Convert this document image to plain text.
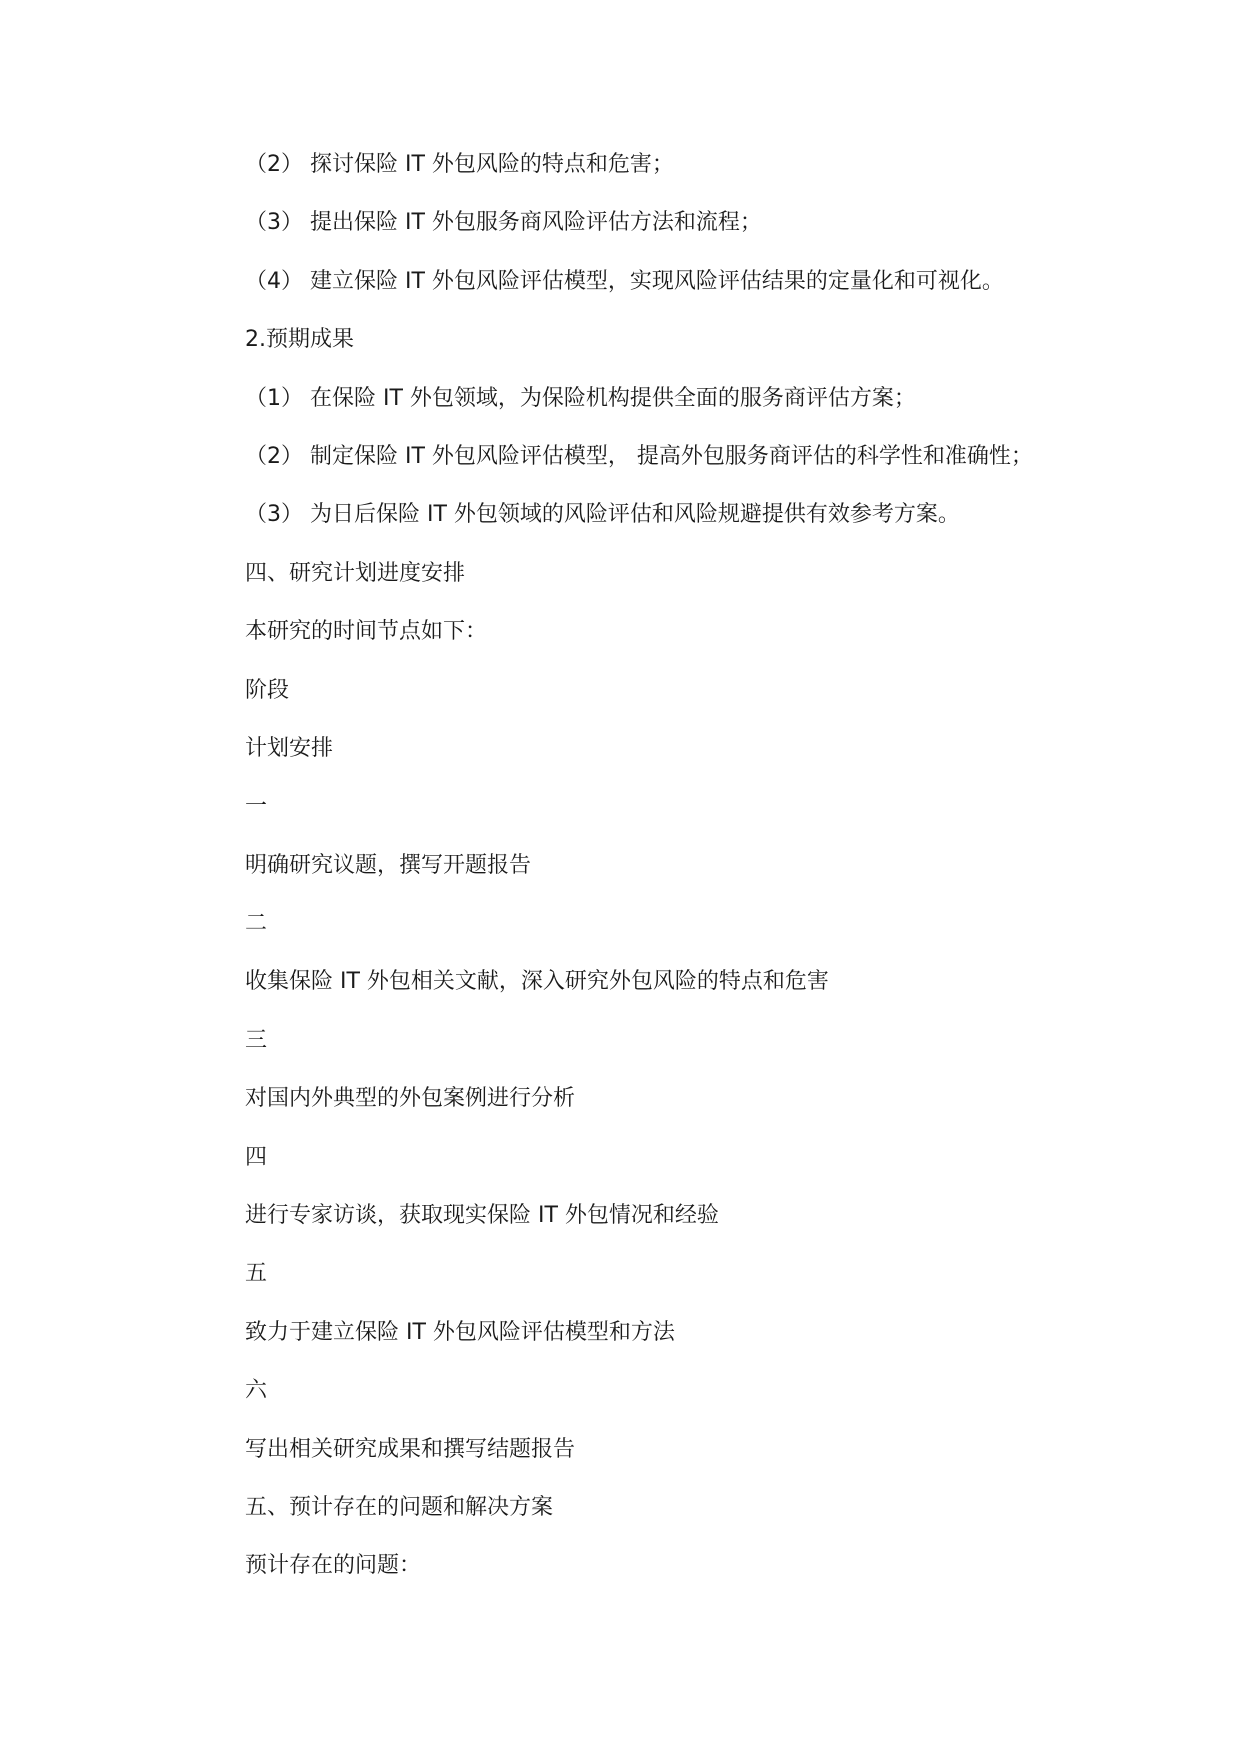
（2） 探讨保险 IT 外包风险的特点和危害；

（3） 提出保险 IT 外包服务商风险评估方法和流程；

（4） 建立保险 IT 外包风险评估模型，实现风险评估结果的定量化和可视化。

2.预期成果

（1） 在保险 IT 外包领域，为保险机构提供全面的服务商评估方案；

（2） 制定保险 IT 外包风险评估模型， 提高外包服务商评估的科学性和准确性；

（3） 为日后保险 IT 外包领域的风险评估和风险规避提供有效参考方案。

四、研究计划进度安排

本研究的时间节点如下：

阶段

计划安排

一

明确研究议题，撰写开题报告

二

收集保险 IT 外包相关文献，深入研究外包风险的特点和危害

三

对国内外典型的外包案例进行分析

四

进行专家访谈，获取现实保险 IT 外包情况和经验

五

致力于建立保险 IT 外包风险评估模型和方法

六

写出相关研究成果和撰写结题报告

五、预计存在的问题和解决方案

预计存在的问题：
